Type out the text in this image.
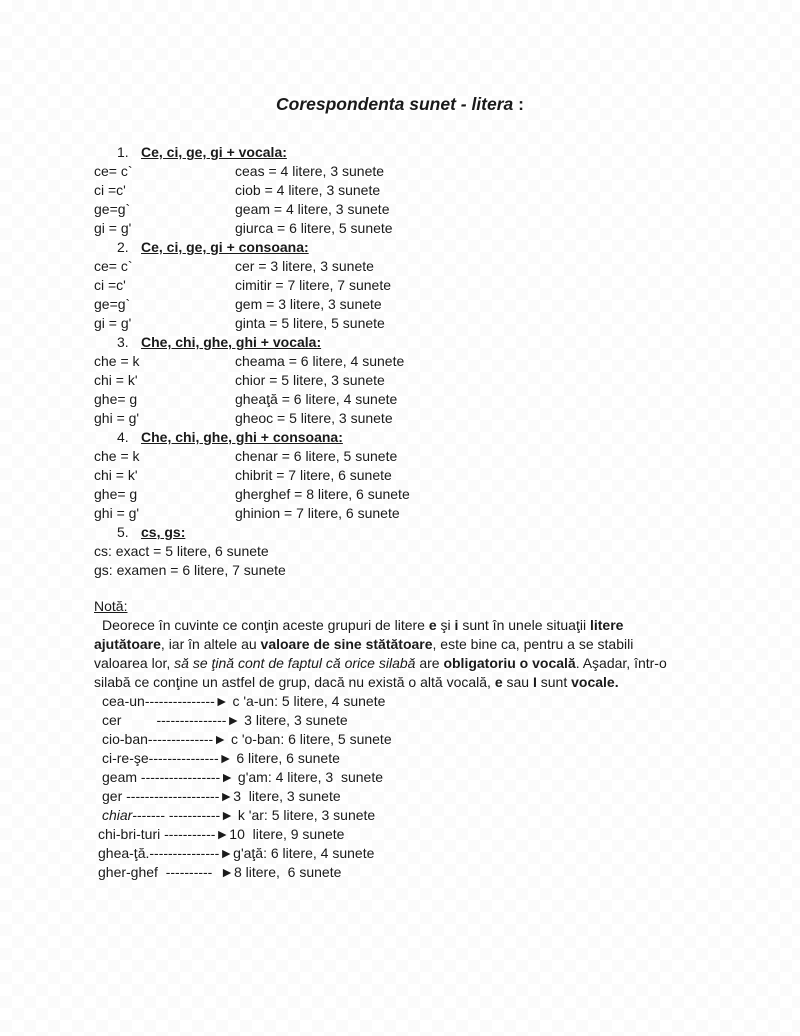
Corespondenta sunet - litera :
1. Ce, ci, ge, gi + vocala:
ce= c`	ceas = 4 litere, 3 sunete
ci =c'	ciob = 4 litere, 3 sunete
ge=g`	geam = 4 litere, 3 sunete
gi = g'	giurca = 6 litere, 5 sunete
2. Ce, ci, ge, gi + consoana:
ce= c`	cer = 3 litere, 3 sunete
ci =c'	cimitir = 7 litere, 7 sunete
ge=g`	gem = 3 litere, 3 sunete
gi = g'	ginta = 5 litere, 5 sunete
3. Che, chi, ghe, ghi + vocala:
che = k	cheama = 6 litere, 4 sunete
chi = k'	chior = 5 litere, 3 sunete
ghe= g	gheaţă = 6 litere, 4 sunete
ghi = g'	gheoc = 5 litere, 3 sunete
4. Che, chi, ghe, ghi + consoana:
che = k	chenar = 6 litere, 5 sunete
chi = k'	chibrit = 7 litere, 6 sunete
ghe= g	gherghef = 8 litere, 6 sunete
ghi = g'	ghinion = 7 litere, 6 sunete
5. cs, gs:
cs: exact = 5 litere, 6 sunete
gs: examen = 6 litere, 7 sunete
Notă:
Deorece în cuvinte ce conţin aceste grupuri de litere e şi i sunt în unele situaţii litere
ajutătoare, iar în altele au valoare de sine stătătoare, este bine ca, pentru a se stabili
valoarea lor, să se ţină cont de faptul că orice silabă are obligatoriu o vocală. Aşadar, într-o
silabă ce conţine un astfel de grup, dacă nu există o altă vocală, e sau I sunt vocale.
cea-un---------------► c 'a-un: 5 litere, 4 sunete
cer         ---------------► 3 litere, 3 sunete
cio-ban--------------► c 'o-ban: 6 litere, 5 sunete
ci-re-şe---------------► 6 litere, 6 sunete
geam -----------------► g'am: 4 litere, 3  sunete
ger --------------------►3  litere, 3 sunete
chiar------- -----------► k 'ar: 5 litere, 3 sunete
chi-bri-turi -----------►10  litere, 9 sunete
ghea-ţă.---------------►g'aţă: 6 litere, 4 sunete
gher-ghef  ----------  ►8 litere,  6 sunete
